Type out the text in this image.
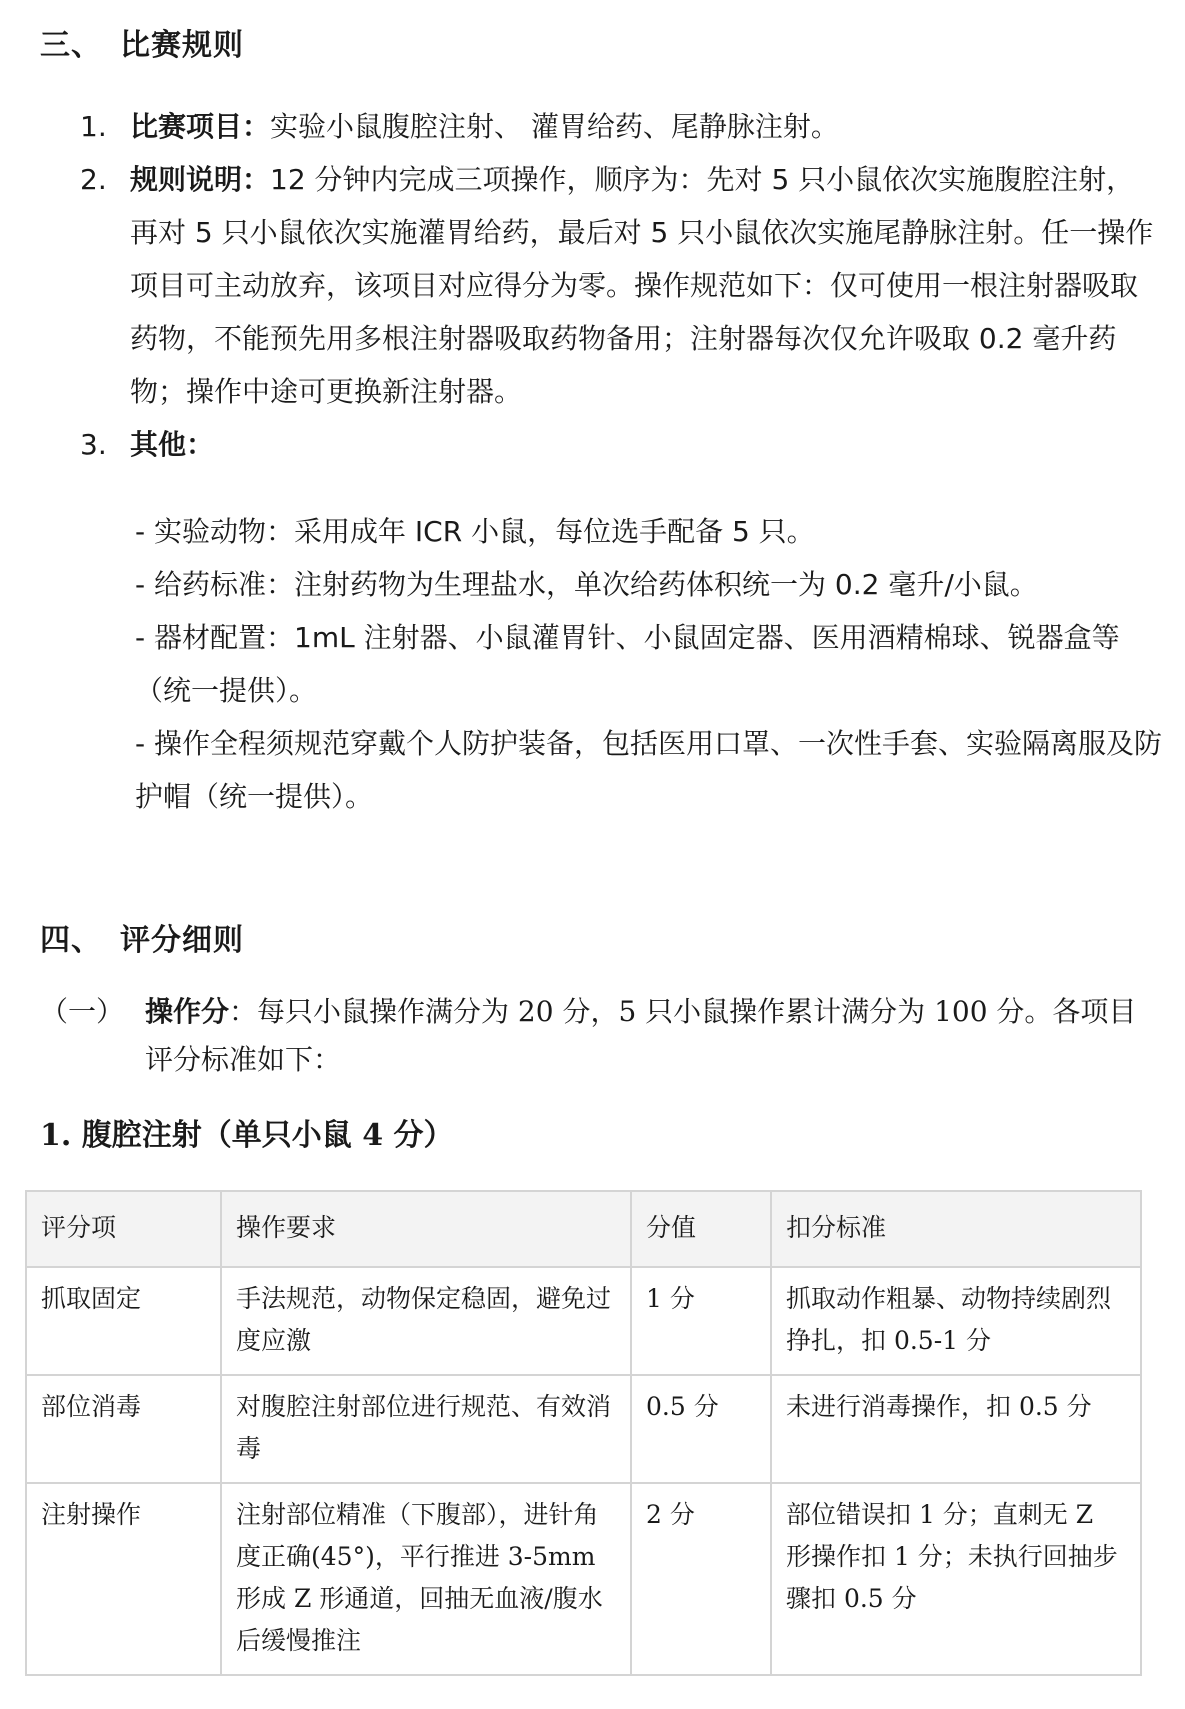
三、 比赛规则
1. 比赛项目：实验小鼠腹腔注射、 灌胃给药、尾静脉注射。
2. 规则说明：12 分钟内完成三项操作，顺序为：先对 5 只小鼠依次实施腹腔注射，再对 5 只小鼠依次实施灌胃给药，最后对 5 只小鼠依次实施尾静脉注射。任一操作项目可主动放弃，该项目对应得分为零。操作规范如下：仅可使用一根注射器吸取药物，不能预先用多根注射器吸取药物备用；注射器每次仅允许吸取 0.2 毫升药物；操作中途可更换新注射器。
3. 其他：
- 实验动物：采用成年 ICR 小鼠，每位选手配备 5 只。
- 给药标准：注射药物为生理盐水，单次给药体积统一为 0.2 毫升/小鼠。
- 器材配置：1mL 注射器、小鼠灌胃针、小鼠固定器、医用酒精棉球、锐器盒等（统一提供）。
- 操作全程须规范穿戴个人防护装备，包括医用口罩、一次性手套、实验隔离服及防护帽（统一提供）。
四、 评分细则
（一） 操作分：每只小鼠操作满分为 20 分，5 只小鼠操作累计满分为 100 分。各项目评分标准如下：
1. 腹腔注射（单只小鼠 4 分）
评分项	操作要求	分值	扣分标准
抓取固定	手法规范，动物保定稳固，避免过度应激	1 分	抓取动作粗暴、动物持续剧烈挣扎，扣 0.5-1 分
部位消毒	对腹腔注射部位进行规范、有效消毒	0.5 分	未进行消毒操作，扣 0.5 分
注射操作	注射部位精准（下腹部），进针角度正确(45°)，平行推进 3-5mm 形成 Z 形通道，回抽无血液/腹水后缓慢推注	2 分	部位错误扣 1 分；直刺无 Z 形操作扣 1 分；未执行回抽步骤扣 0.5 分
